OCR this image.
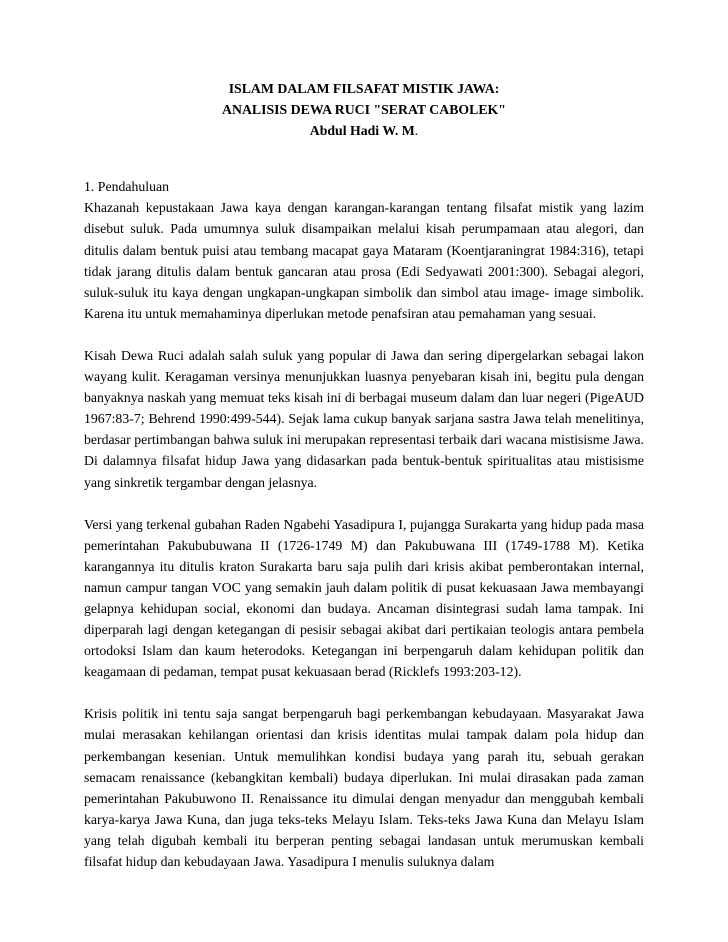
ISLAM DALAM FILSAFAT MISTIK JAWA:
ANALISIS DEWA RUCI "SERAT CABOLEK"
Abdul Hadi W. M.
1. Pendahuluan
Khazanah kepustakaan Jawa kaya dengan karangan-karangan tentang filsafat mistik yang lazim disebut suluk. Pada umumnya suluk disampaikan melalui kisah perumpamaan atau alegori, dan ditulis dalam bentuk puisi atau tembang macapat gaya Mataram (Koentjaraningrat 1984:316), tetapi tidak jarang ditulis dalam bentuk gancaran atau prosa (Edi Sedyawati 2001:300). Sebagai alegori, suluk-suluk itu kaya dengan ungkapan-ungkapan simbolik dan simbol atau image- image simbolik. Karena itu untuk memahaminya diperlukan metode penafsiran atau pemahaman yang sesuai.
Kisah Dewa Ruci adalah salah suluk yang popular di Jawa dan sering dipergelarkan sebagai lakon wayang kulit. Keragaman versinya menunjukkan luasnya penyebaran kisah ini, begitu pula dengan banyaknya naskah yang memuat teks kisah ini di berbagai museum dalam dan luar negeri (PigeAUD 1967:83-7; Behrend 1990:499-544). Sejak lama cukup banyak sarjana sastra Jawa telah menelitinya, berdasar pertimbangan bahwa suluk ini merupakan representasi terbaik dari wacana mistisisme Jawa. Di dalamnya filsafat hidup Jawa yang didasarkan pada bentuk-bentuk spiritualitas atau mistisisme yang sinkretik tergambar dengan jelasnya.
Versi yang terkenal gubahan Raden Ngabehi Yasadipura I, pujangga Surakarta yang hidup pada masa pemerintahan Pakububuwana II (1726-1749 M) dan Pakubuwana III (1749-1788 M). Ketika karangannya itu ditulis kraton Surakarta baru saja pulih dari krisis akibat pemberontakan internal, namun campur tangan VOC yang semakin jauh dalam politik di pusat kekuasaan Jawa membayangi gelapnya kehidupan social, ekonomi dan budaya. Ancaman disintegrasi sudah lama tampak. Ini diperparah lagi dengan ketegangan di pesisir sebagai akibat dari pertikaian teologis antara pembela ortodoksi Islam dan kaum heterodoks. Ketegangan ini berpengaruh dalam kehidupan politik dan keagamaan di pedaman, tempat pusat kekuasaan berad (Ricklefs 1993:203-12).
Krisis politik ini tentu saja sangat berpengaruh bagi perkembangan kebudayaan. Masyarakat Jawa mulai merasakan kehilangan orientasi dan krisis identitas mulai tampak dalam pola hidup dan perkembangan kesenian. Untuk memulihkan kondisi budaya yang parah itu, sebuah gerakan semacam renaissance (kebangkitan kembali) budaya diperlukan. Ini mulai dirasakan pada zaman pemerintahan Pakubuwono II. Renaissance itu dimulai dengan menyadur dan menggubah kembali karya-karya Jawa Kuna, dan juga teks-teks Melayu Islam. Teks-teks Jawa Kuna dan Melayu Islam yang telah digubah kembali itu berperan penting sebagai landasan untuk merumuskan kembali filsafat hidup dan kebudayaan Jawa. Yasadipura I menulis suluknya dalam
